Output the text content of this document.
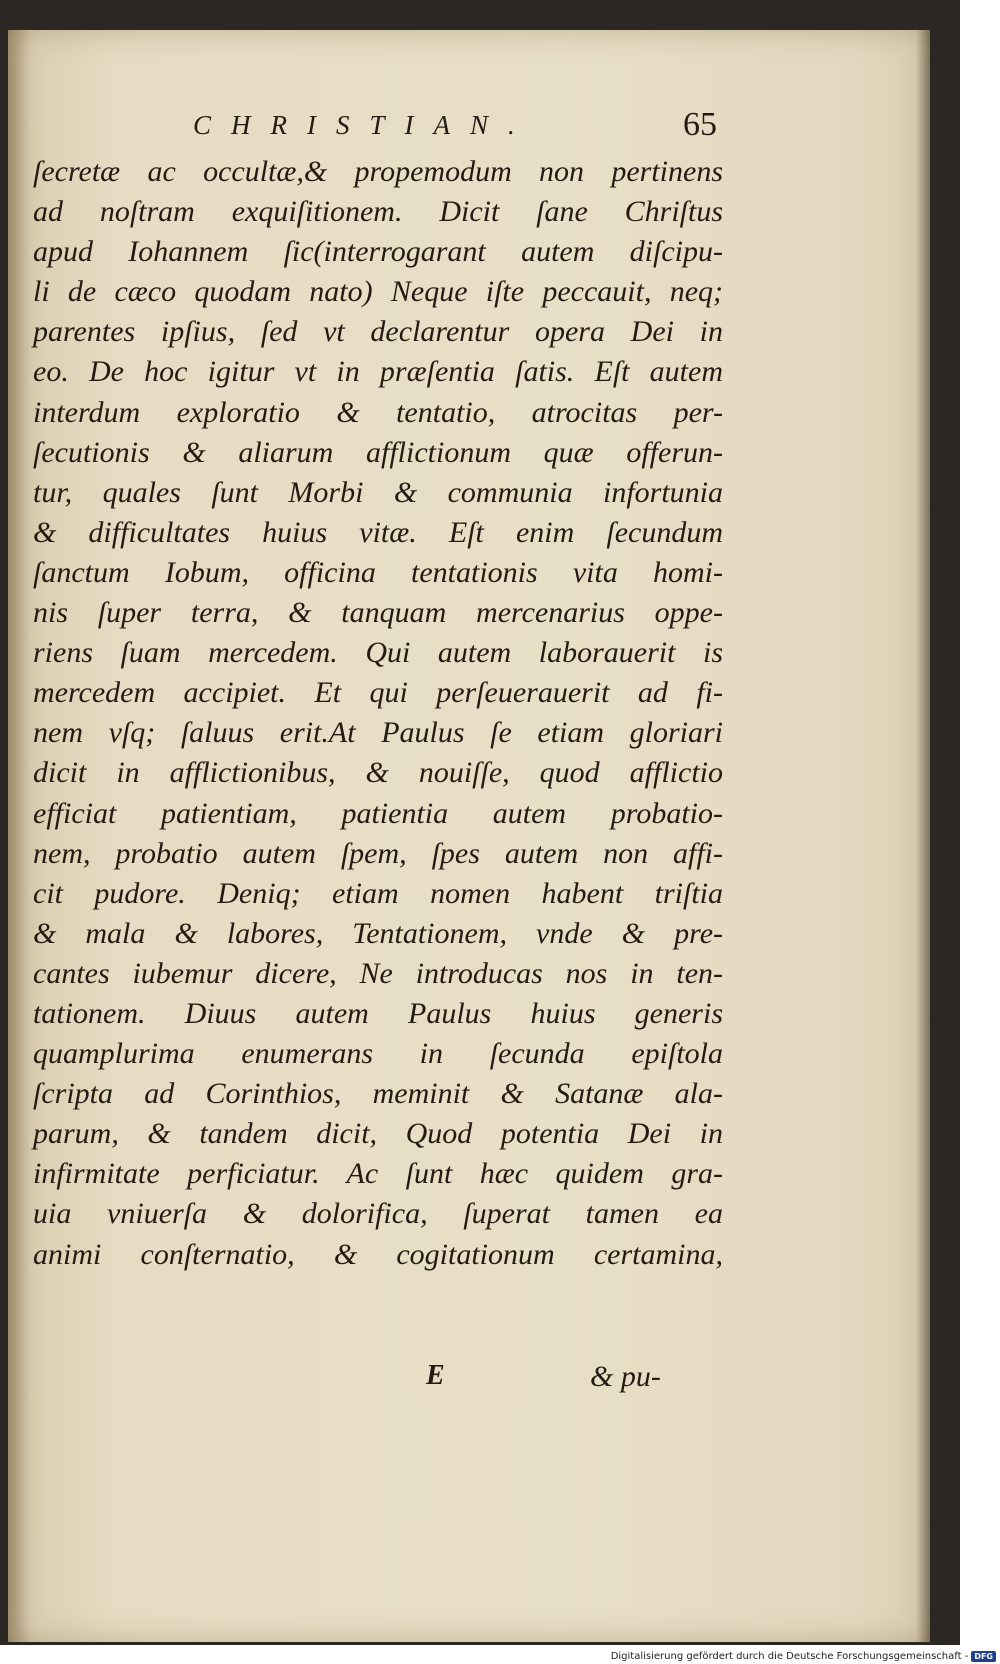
CHRISTIAN.	65
ſecretæ ac occultæ,& propemodum non pertinens
ad noſtram exquiſitionem. Dicit ſane Chriſtus
apud Iohannem ſic(interrogarant autem diſcipu-
li de cæco quodam nato) Neque iſte peccauit, neq;
parentes ipſius, ſed vt declarentur opera Dei in
eo. De hoc igitur vt in præſentia ſatis. Eſt autem
interdum exploratio & tentatio, atrocitas per-
ſecutionis & aliarum afflictionum quæ offerun-
tur, quales ſunt Morbi & communia infortunia
& difficultates huius vitæ. Eſt enim ſecundum
ſanctum Iobum, officina tentationis vita homi-
nis ſuper terra, & tanquam mercenarius oppe-
riens ſuam mercedem. Qui autem laborauerit is
mercedem accipiet. Et qui perſeuerauerit ad fi-
nem vſq; ſaluus erit.At Paulus ſe etiam gloriari
dicit in afflictionibus, & nouiſſe, quod afflictio
efficiat patientiam, patientia autem probatio-
nem, probatio autem ſpem, ſpes autem non affi-
cit pudore. Deniq; etiam nomen habent triſtia
& mala & labores, Tentationem, vnde & pre-
cantes iubemur dicere, Ne introducas nos in ten-
tationem. Diuus autem Paulus huius generis
quamplurima enumerans in ſecunda epiſtola
ſcripta ad Corinthios, meminit & Satanæ ala-
parum, & tandem dicit, Quod potentia Dei in
infirmitate perficiatur. Ac ſunt hæc quidem gra-
uia vniuerſa & dolorifica, ſuperat tamen ea
animi conſternatio, & cogitationum certamina,
E	& pu-
Digitalisierung gefördert durch die Deutsche Forschungsgemeinschaft - DFG
